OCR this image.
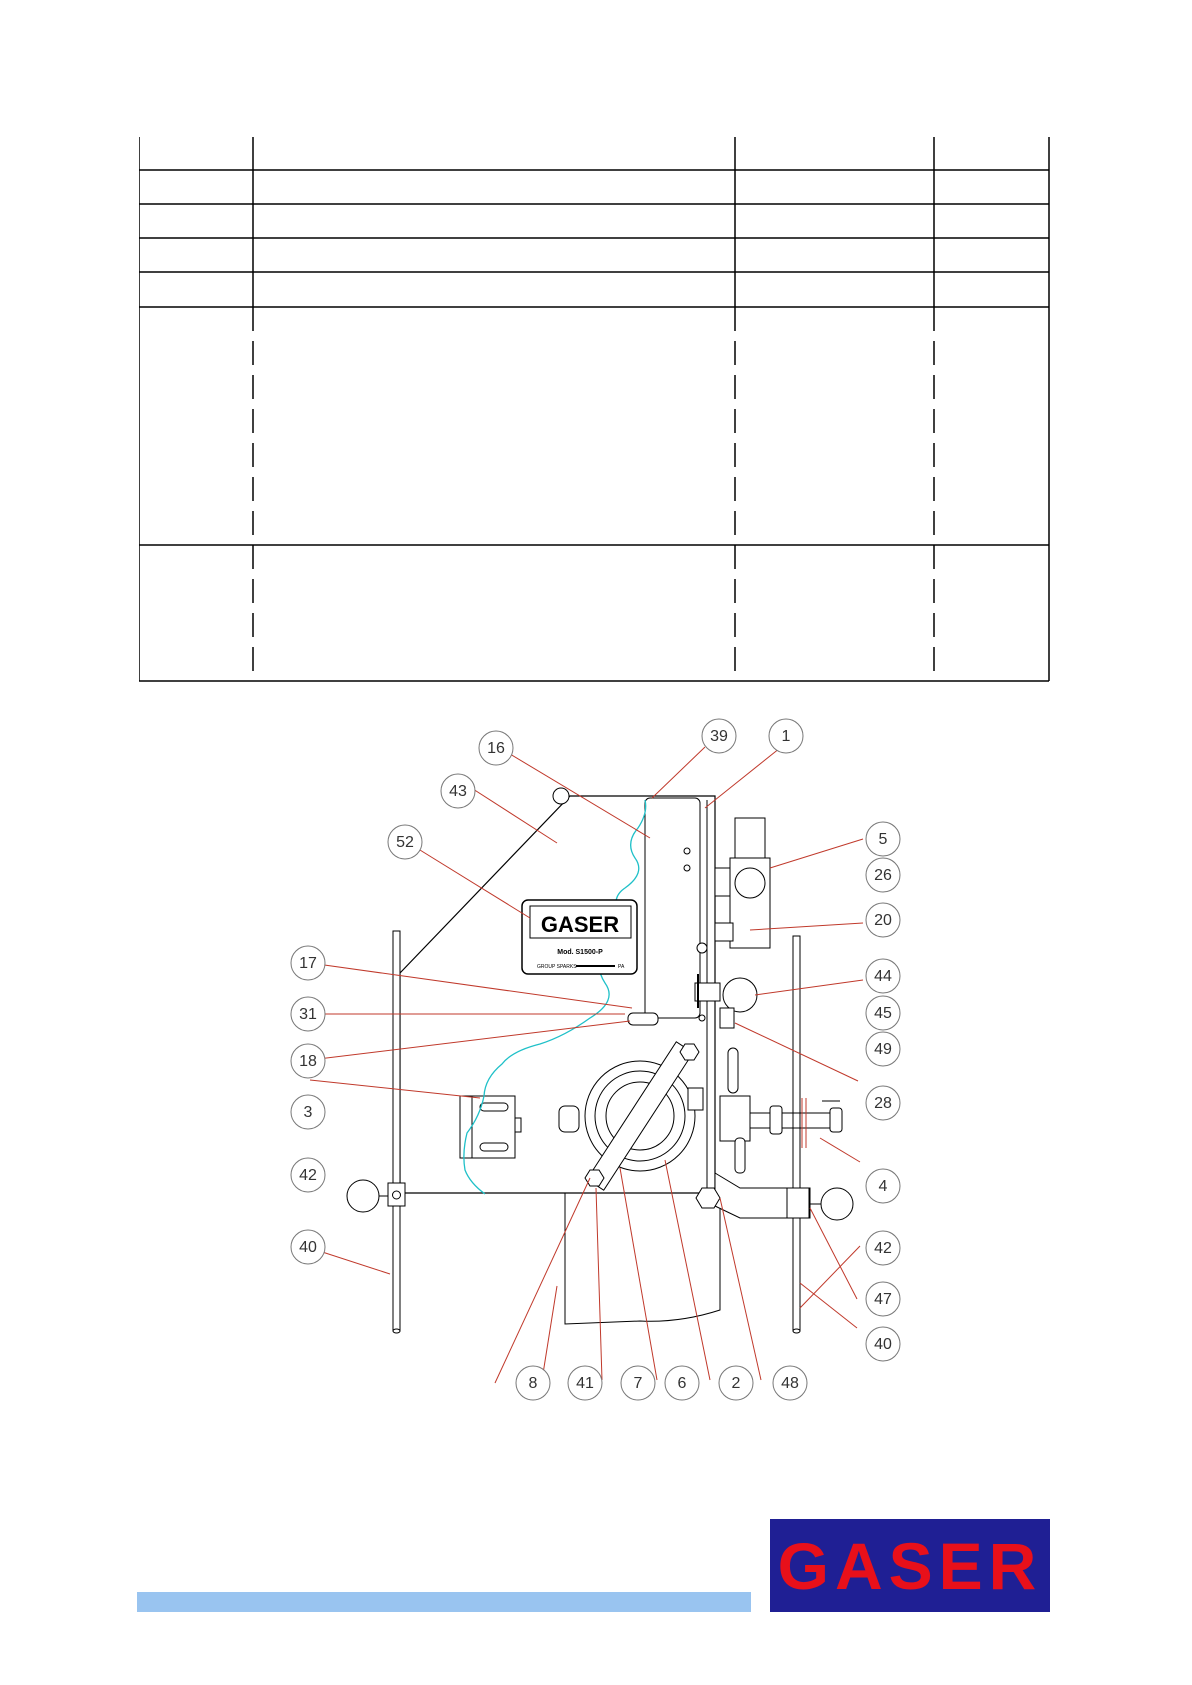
GASER
Mod. S1500-P
GROUP SPARKS	PA
16
39	1
43
52	5
26
20
17
44
31	45
49
18
28
3
4
42
42
40
47
40
8 41 7 6	2	48
GASER
